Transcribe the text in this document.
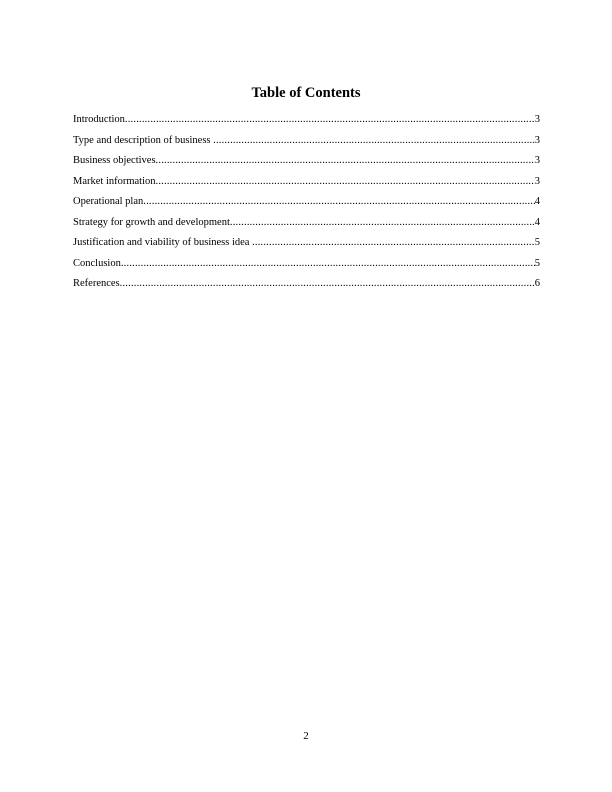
Table of Contents
Introduction .....	3
Type and description of business .....	3
Business objectives .....	3
Market information .....	3
Operational plan .....	4
Strategy for growth and development .....	4
Justification and viability of business idea .....	5
Conclusion .....	5
References .....	6
2
